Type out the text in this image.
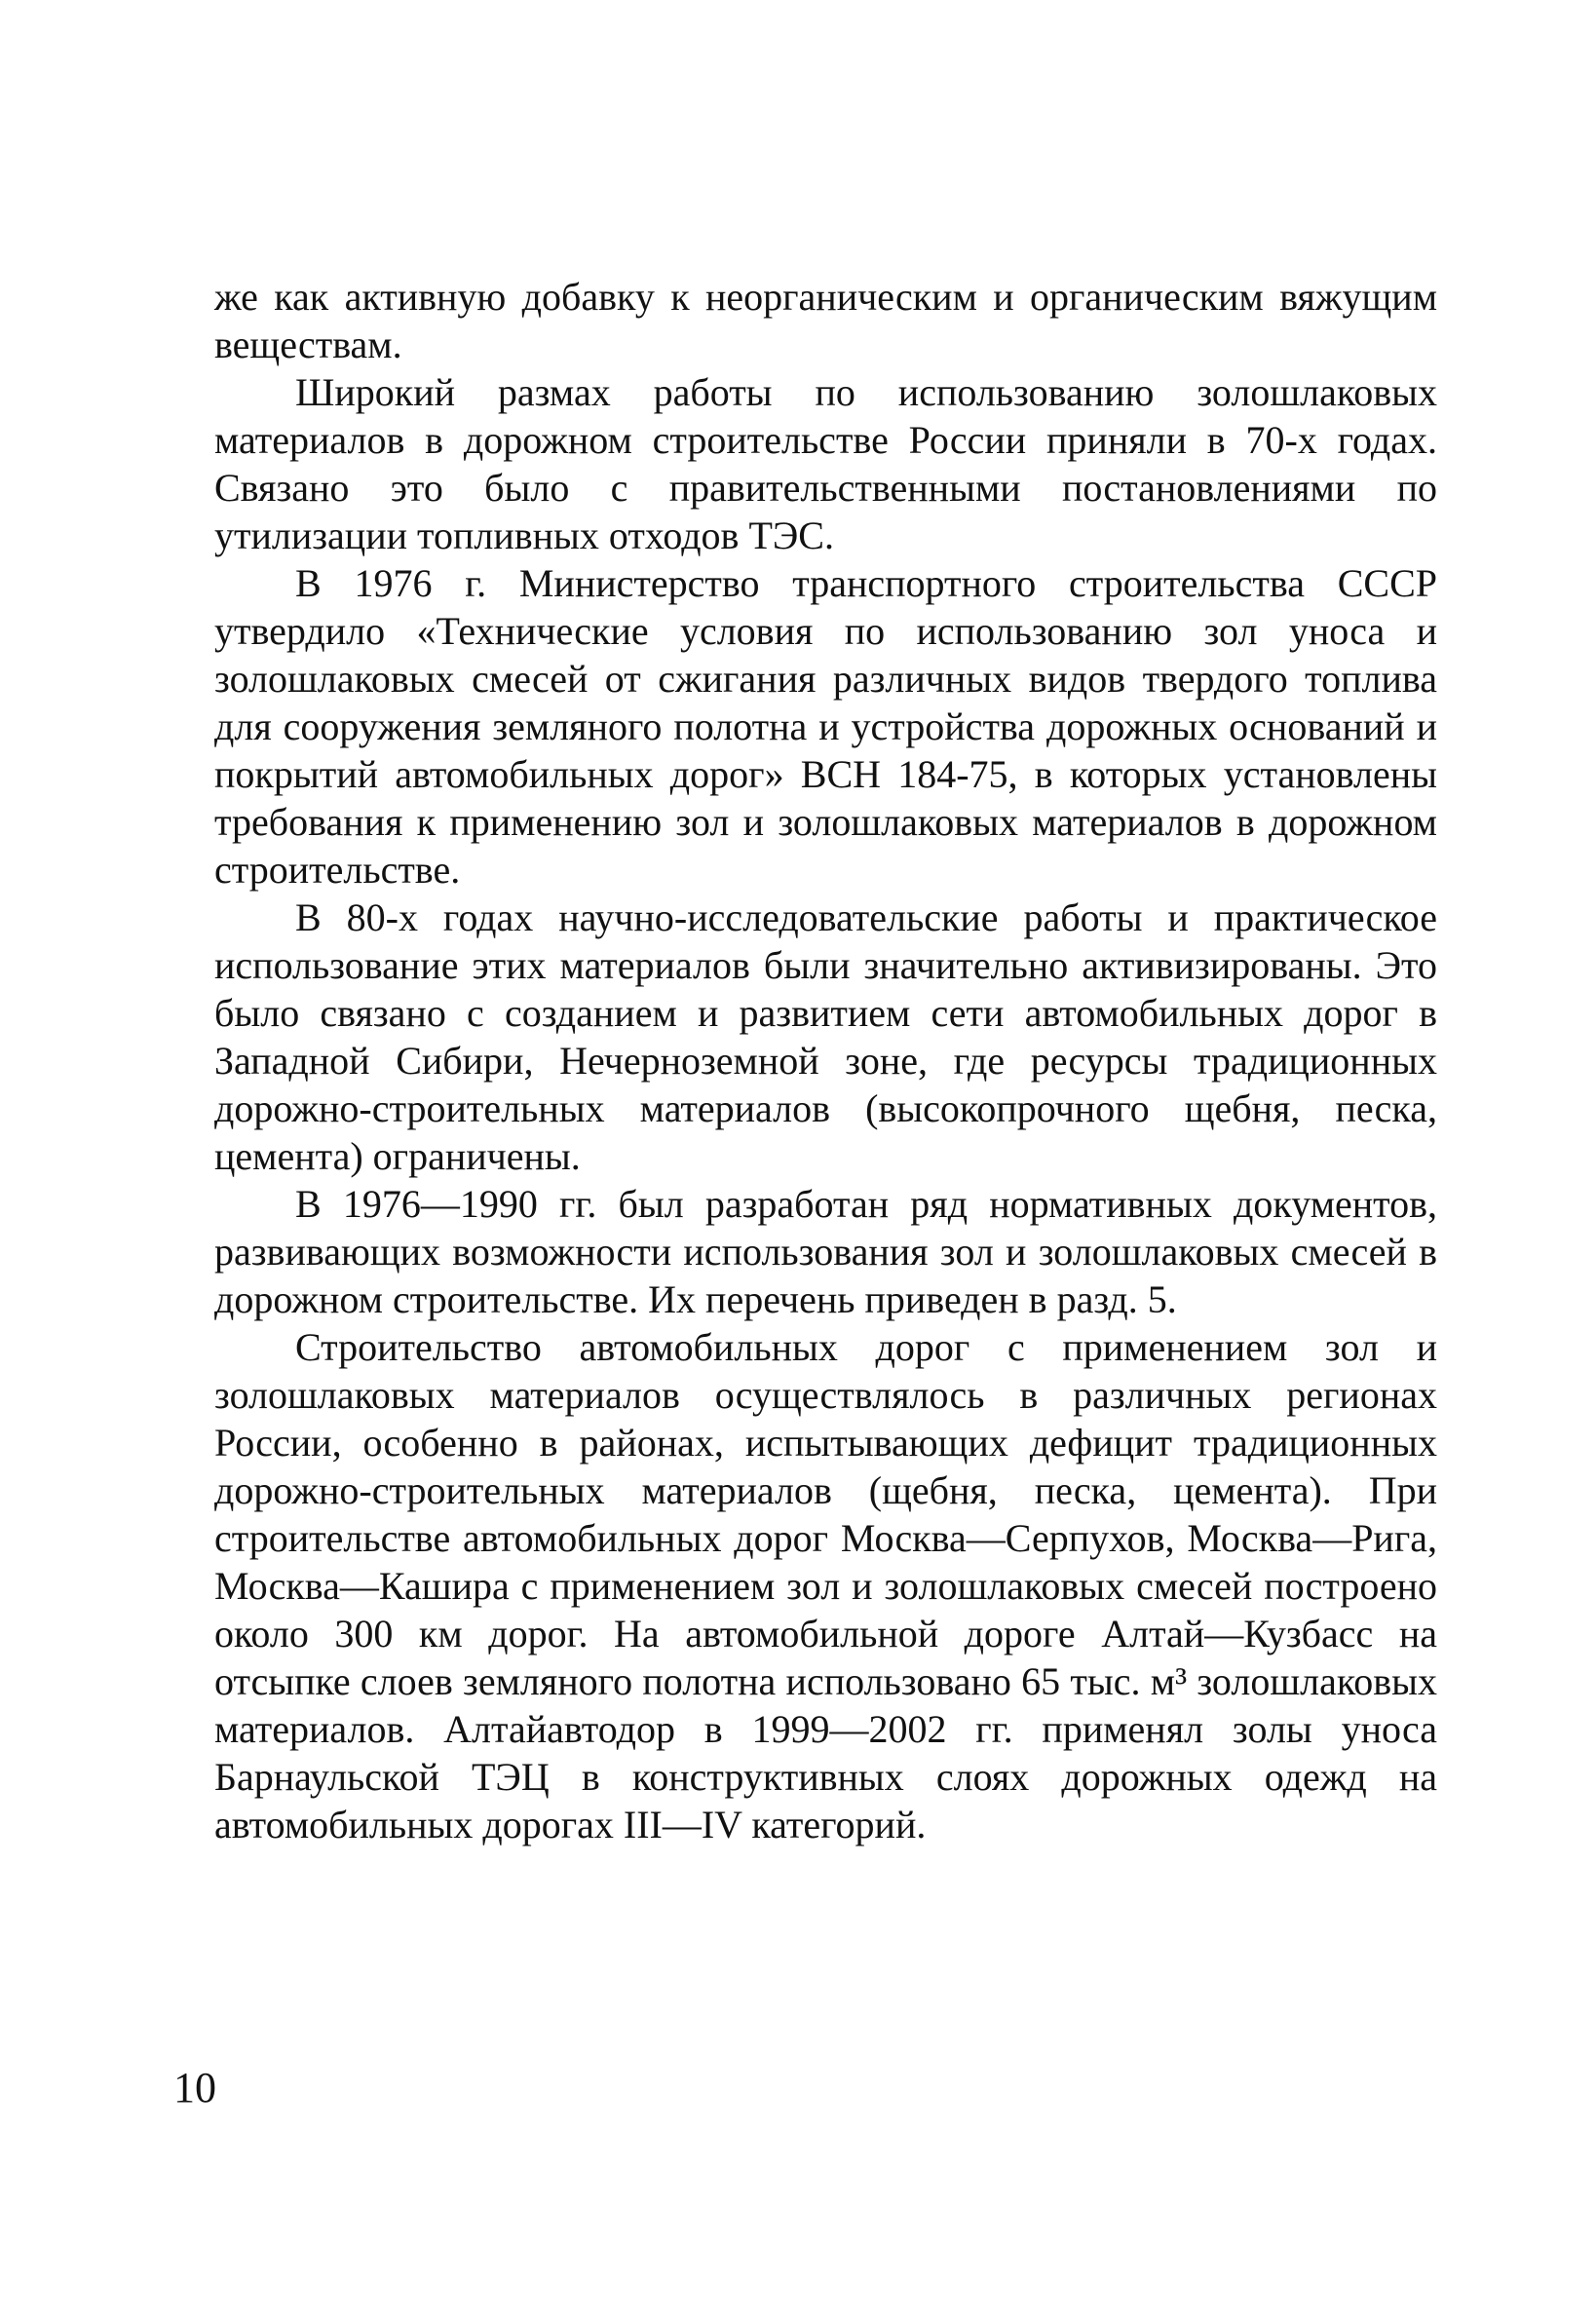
же как активную добавку к неорганическим и органическим вяжущим веществам.

Широкий размах работы по использованию золошлаковых материалов в дорожном строительстве России приняли в 70-х годах. Связано это было с правительственными постановлениями по утилизации топливных отходов ТЭС.

В 1976 г. Министерство транспортного строительства СССР утвердило «Технические условия по использованию зол уноса и золошлаковых смесей от сжигания различных видов твердого топлива для сооружения земляного полотна и устройства дорожных оснований и покрытий автомобильных дорог» ВСН 184-75, в которых установлены требования к применению зол и золошлаковых материалов в дорожном строительстве.

В 80-х годах научно-исследовательские работы и практическое использование этих материалов были значительно активизированы. Это было связано с созданием и развитием сети автомобильных дорог в Западной Сибири, Нечерноземной зоне, где ресурсы традиционных дорожно-строительных материалов (высокопрочного щебня, песка, цемента) ограничены.

В 1976—1990 гг. был разработан ряд нормативных документов, развивающих возможности использования зол и золошлаковых смесей в дорожном строительстве. Их перечень приведен в разд. 5.

Строительство автомобильных дорог с применением зол и золошлаковых материалов осуществлялось в различных регионах России, особенно в районах, испытывающих дефицит традиционных дорожно-строительных материалов (щебня, песка, цемента). При строительстве автомобильных дорог Москва—Серпухов, Москва—Рига, Москва—Кашира с применением зол и золошлаковых смесей построено около 300 км дорог. На автомобильной дороге Алтай—Кузбасс на отсыпке слоев земляного полотна использовано 65 тыс. м³ золошлаковых материалов. Алтайавтодор в 1999—2002 гг. применял золы уноса Барнаульской ТЭЦ в конструктивных слоях дорожных одежд на автомобильных дорогах III—IV категорий.

10
